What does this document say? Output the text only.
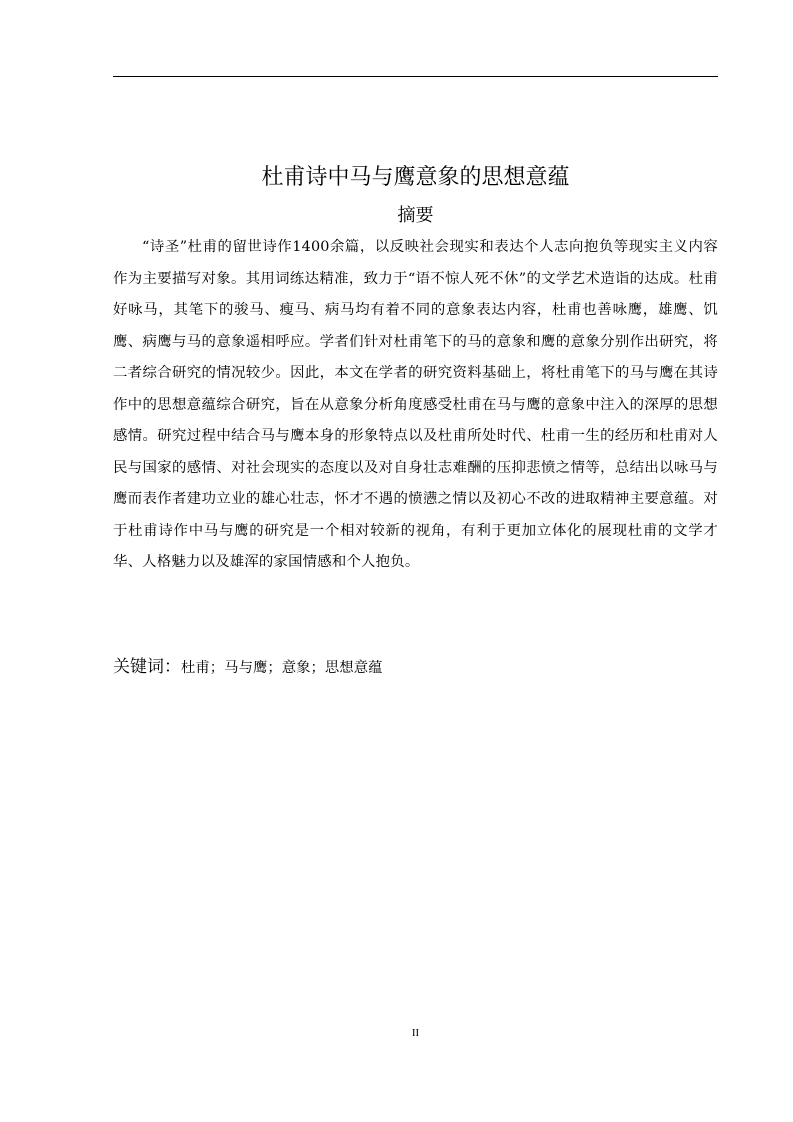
杜甫诗中马与鹰意象的思想意蕴
摘要

“诗圣”杜甫的留世诗作1400余篇，以反映社会现实和表达个人志向抱负等现实主义内容作为主要描写对象。其用词练达精准，致力于“语不惊人死不休”的文学艺术造诣的达成。杜甫好咏马，其笔下的骏马、瘦马、病马均有着不同的意象表达内容，杜甫也善咏鹰，雄鹰、饥鹰、病鹰与马的意象遥相呼应。学者们针对杜甫笔下的马的意象和鹰的意象分别作出研究，将二者综合研究的情况较少。因此，本文在学者的研究资料基础上，将杜甫笔下的马与鹰在其诗作中的思想意蕴综合研究，旨在从意象分析角度感受杜甫在马与鹰的意象中注入的深厚的思想感情。研究过程中结合马与鹰本身的形象特点以及杜甫所处时代、杜甫一生的经历和杜甫对人民与国家的感情、对社会现实的态度以及对自身壮志难酬的压抑悲愤之情等，总结出以咏马与鹰而表作者建功立业的雄心壮志，怀才不遇的愤懑之情以及初心不改的进取精神主要意蕴。对于杜甫诗作中马与鹰的研究是一个相对较新的视角，有利于更加立体化的展现杜甫的文学才华、人格魅力以及雄浑的家国情感和个人抱负。

关键词：杜甫；马与鹰；意象；思想意蕴

II
